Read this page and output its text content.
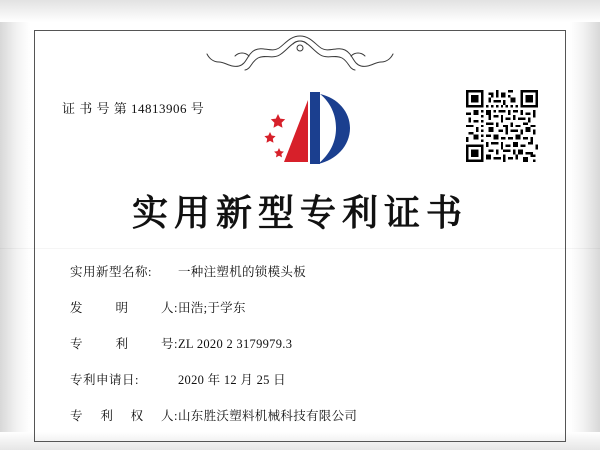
证 书 号 第 14813906 号
实用新型专利证书
实用新型名称:	一种注塑机的锁模头板
发	明	人: 田浩;于学东
专	利	号: ZL 2020 2 3179979.3
专利申请日:	2020 年 12 月 25 日
专 利 权 人: 山东胜沃塑料机械科技有限公司
